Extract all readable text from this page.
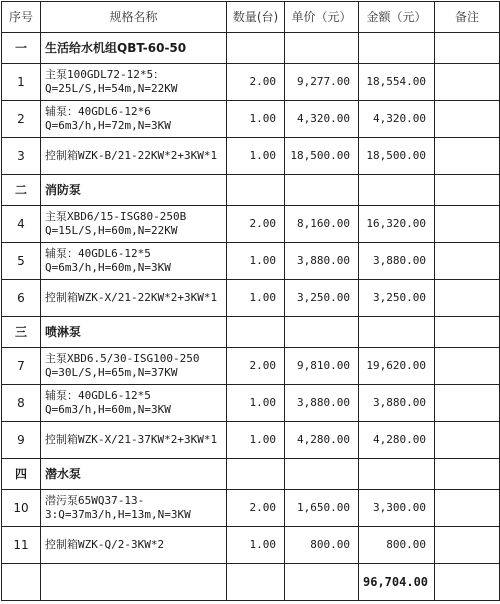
序号	规格名称	数量(台)	单价（元）	金额（元）	备注
一	生活给水机组QBT-60-50				
1	主泵100GDL72-12*5：
Q=25L/S,H=54m,N=22KW	2.00	9,277.00	18,554.00	
2	辅泵：40GDL6-12*6
Q=6m3/h,H=72m,N=3KW	1.00	4,320.00	4,320.00	
3	控制箱WZK-B/21-22KW*2+3KW*1	1.00	18,500.00	18,500.00	
二	消防泵				
4	主泵XBD6/15-ISG80-250B
Q=15L/S,H=60m,N=22KW	2.00	8,160.00	16,320.00	
5	辅泵：40GDL6-12*5
Q=6m3/h,H=60m,N=3KW	1.00	3,880.00	3,880.00	
6	控制箱WZK-X/21-22KW*2+3KW*1	1.00	3,250.00	3,250.00	
三	喷淋泵				
7	主泵XBD6.5/30-ISG100-250
Q=30L/S,H=65m,N=37KW	2.00	9,810.00	19,620.00	
8	辅泵：40GDL6-12*5
Q=6m3/h,H=60m,N=3KW	1.00	3,880.00	3,880.00	
9	控制箱WZK-X/21-37KW*2+3KW*1	1.00	4,280.00	4,280.00	
四	潜水泵				
10	潜污泵65WQ37-13-
3:Q=37m3/h,H=13m,N=3KW	2.00	1,650.00	3,300.00	
11	控制箱WZK-Q/2-3KW*2	1.00	800.00	800.00	
				96,704.00	
